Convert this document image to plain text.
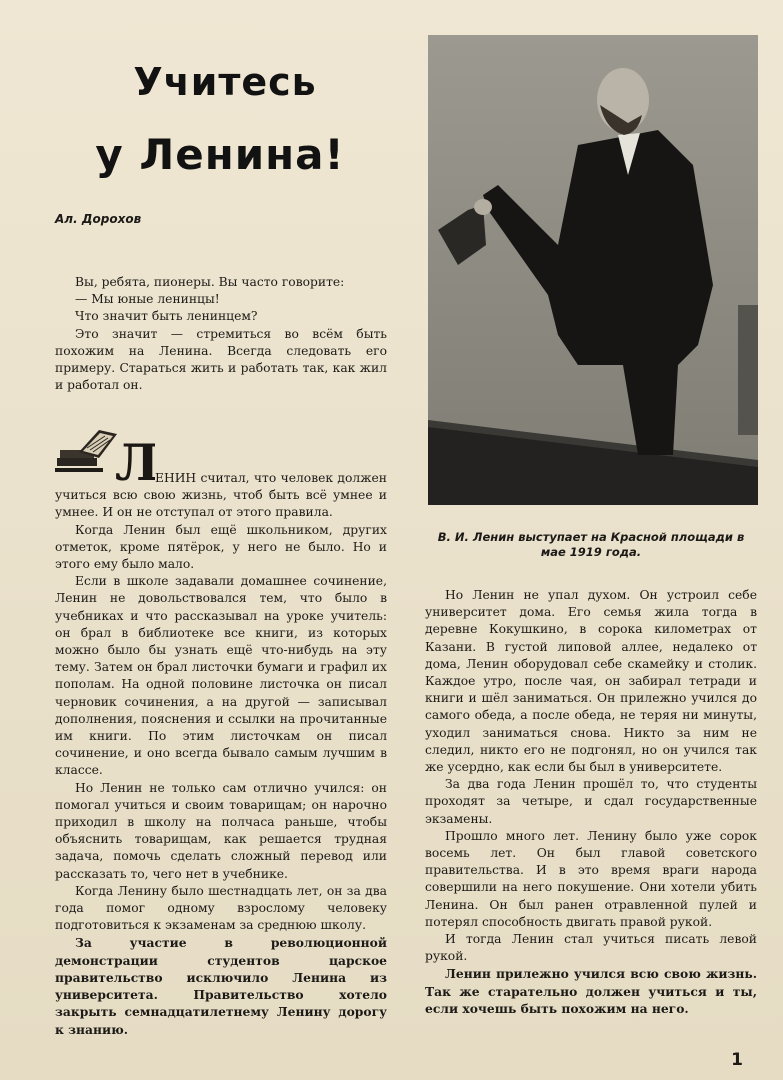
Учитесь
у Ленина!
Ал. Дорохов

Вы, ребята, пионеры. Вы часто говорите:

— Мы юные ленинцы!

Что значит быть ленинцем?

Это значит — стремиться во всём быть похожим на Ленина. Всегда следовать его примеру. Стараться жить и работать так, как жил и работал он.

Л

ЕНИН считал, что человек должен учиться всю свою жизнь, чтоб быть всё умнее и умнее. И он не отступал от этого правила.

Когда Ленин был ещё школьником, других отметок, кроме пятёрок, у него не было. Но и этого ему было мало.

Если в школе задавали домашнее сочинение, Ленин не довольствовался тем, что было в учебниках и что рассказывал на уроке учитель: он брал в библиотеке все книги, из которых можно было бы узнать ещё что-нибудь на эту тему. Затем он брал листочки бумаги и графил их пополам. На одной половине листочка он писал черновик сочинения, а на другой — записывал дополнения, пояснения и ссылки на прочитанные им книги. По этим листочкам он писал сочинение, и оно всегда бывало самым лучшим в классе.

Но Ленин не только сам отлично учился: он помогал учиться и своим товарищам; он нарочно приходил в школу на полчаса раньше, чтобы объяснить товарищам, как решается трудная задача, помочь сделать сложный перевод или рассказать то, чего нет в учебнике.

Когда Ленину было шестнадцать лет, он за два года помог одному взрослому человеку подготовиться к экзаменам за среднюю школу.

За участие в революционной демонстрации студентов царское правительство исключило Ленина из университета. Правительство хотело закрыть семнадцатилетнему Ленину дорогу к знанию.

В. И. Ленин выступает на Красной площади в мае 1919 года.

Но Ленин не упал духом. Он устроил себе университет дома. Его семья жила тогда в деревне Кокушкино, в сорока километрах от Казани. В густой липовой аллее, недалеко от дома, Ленин оборудовал себе скамейку и столик. Каждое утро, после чая, он забирал тетради и книги и шёл заниматься. Он прилежно учился до самого обеда, а после обеда, не теряя ни минуты, уходил заниматься снова. Никто за ним не следил, никто его не подгонял, но он учился так же усердно, как если бы был в университете.

За два года Ленин прошёл то, что студенты проходят за четыре, и сдал государственные экзамены.

Прошло много лет. Ленину было уже сорок восемь лет. Он был главой советского правительства. И в это время враги народа совершили на него покушение. Они хотели убить Ленина. Он был ранен отравленной пулей и потерял способность двигать правой рукой.

И тогда Ленин стал учиться писать левой рукой.

Ленин прилежно учился всю свою жизнь. Так же старательно должен учиться и ты, если хочешь быть похожим на него.

1
